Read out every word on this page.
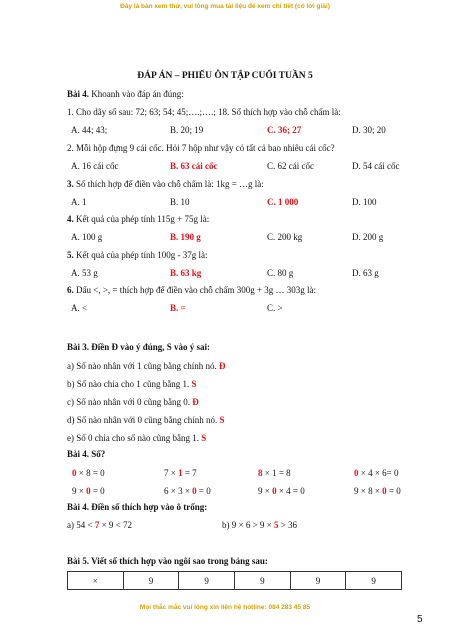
Đây là bản xem thử, vui lòng mua tài liệu để xem chi tiết (có lời giải)
ĐÁP ÁN – PHIẾU ÔN TẬP CUỐI TUẦN 5
Bài 4. Khoanh vào đáp án đúng:
1. Cho dãy số sau: 72; 63; 54; 45;….;….; 18. Số thích hợp vào chỗ chấm là:
A. 44; 43;	B. 20; 19	C. 36; 27	D. 30; 20
2. Mỗi hộp đựng 9 cái cốc. Hỏi 7 hộp như vậy có tất cả bao nhiêu cái cốc?
A. 16 cái cốc	B. 63 cái cốc	C. 62 cái cốc	D. 54 cái cốc
3. Số thích hợp để điền vào chỗ chấm là: 1kg = …g là:
A. 1	B. 10	C. 1 000	D. 100
4. Kết quả của phép tính 115g + 75g là:
A. 100 g	B. 190 g	C. 200 kg	D. 200 g
5. Kết quả của phép tính 100g - 37g là:
A. 53 g	B. 63 kg	C. 80 g	D. 63 g
6. Dấu <, >, = thích hợp để điền vào chỗ chấm 300g + 3g … 303g là:
A. <	B. =	C. >
Bài 3. Điền Đ vào ý đúng, S vào ý sai:
a) Số nào nhân với 1 cũng bằng chính nó. Đ
b) Số nào chia cho 1 cũng bằng 1. S
c) Số nào nhân với 0 cũng bằng 0. Đ
d) Số nào nhân với 0 cũng bằng chính nó. S
e) Số 0 chia cho số nào cũng bằng 1. S
Bài 4. Số?
0 × 8 = 0	7 × 1 = 7	8 × 1 = 8	0 × 4 × 6= 0
9 × 0 = 0	6 × 3 × 0 = 0	9 × 0 × 4 = 0	9 × 8 × 0 = 0
Bài 4. Điền số thích hợp vào ô trống:
a) 54 < 7 × 9 < 72	b) 9 × 6 > 9 × 5 > 36
Bài 5. Viết số thích hợp vào ngôi sao trong bảng sau:
×	9	9	9	9	9
Mọi thắc mắc vui lòng xin liên hệ hotline: 084 283 45 85
5
